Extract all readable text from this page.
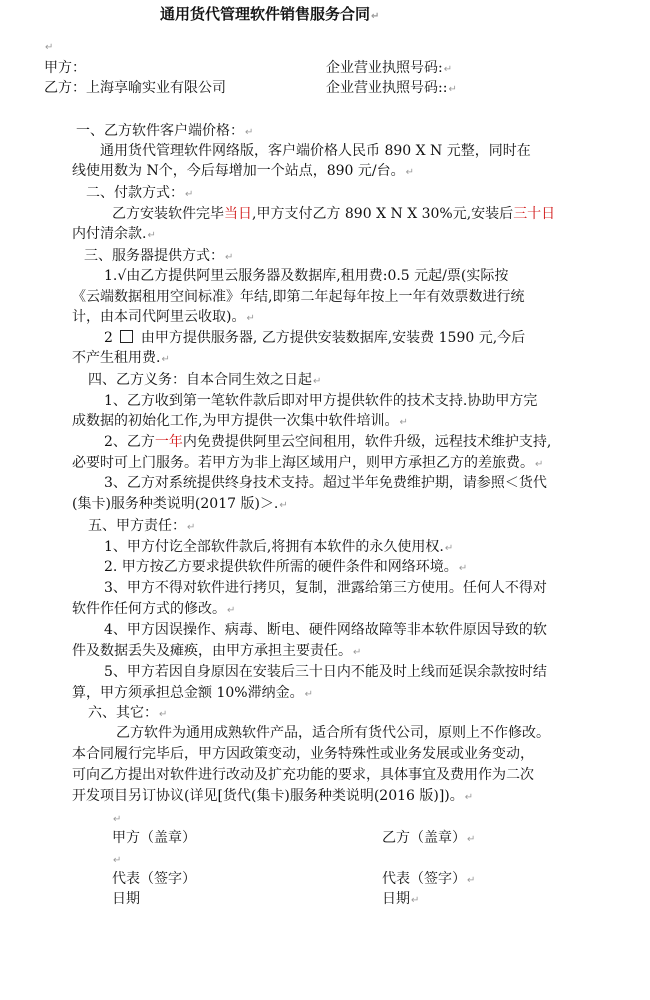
通用货代管理软件销售服务合同↵
↵
甲方：	企业营业执照号码:↵
乙方：上海享喻实业有限公司	企业营业执照号码::↵
一、乙方软件客户端价格：↵
通用货代管理软件网络版，客户端价格人民币 890 X N 元整，同时在
线使用数为 N个，今后每增加一个站点，890 元/台。↵
二、付款方式：↵
乙方安装软件完毕当日,甲方支付乙方 890 X N X 30%元,安装后三十日
内付清余款.↵
三、服务器提供方式：↵
1.√由乙方提供阿里云服务器及数据库,租用费:0.5 元起/票(实际按
《云端数据租用空间标准》年结,即第二年起每年按上一年有效票数进行统
计，由本司代阿里云收取)。↵
2 由甲方提供服务器, 乙方提供安装数据库,安装费 1590 元,今后
不产生租用费.↵
四、乙方义务：自本合同生效之日起↵
1、乙方收到第一笔软件款后即对甲方提供软件的技术支持.协助甲方完
成数据的初始化工作,为甲方提供一次集中软件培训。↵
2、乙方一年内免费提供阿里云空间租用，软件升级，远程技术维护支持,
必要时可上门服务。若甲方为非上海区域用户，则甲方承担乙方的差旅费。↵
3、乙方对系统提供终身技术支持。超过半年免费维护期，请参照＜货代
(集卡)服务种类说明(2017 版)＞.↵
五、甲方责任：↵
1、甲方付讫全部软件款后,将拥有本软件的永久使用权.↵
2. 甲方按乙方要求提供软件所需的硬件条件和网络环境。↵
3、甲方不得对软件进行拷贝，复制，泄露给第三方使用。任何人不得对
软件作任何方式的修改。↵
4、甲方因误操作、病毒、断电、硬件网络故障等非本软件原因导致的软
件及数据丢失及瘫痪，由甲方承担主要责任。↵
5、甲方若因自身原因在安装后三十日内不能及时上线而延误余款按时结
算，甲方须承担总金额 10%滞纳金。↵
六、其它：↵
乙方软件为通用成熟软件产品，适合所有货代公司，原则上不作修改。
本合同履行完毕后，甲方因政策变动，业务特殊性或业务发展或业务变动，
可向乙方提出对软件进行改动及扩充功能的要求，具体事宜及费用作为二次
开发项目另订协议(详见[货代(集卡)服务种类说明(2016 版)])。↵
↵
甲方（盖章）	乙方（盖章）↵
↵
代表（签字）	代表（签字）↵
日期	日期↵
